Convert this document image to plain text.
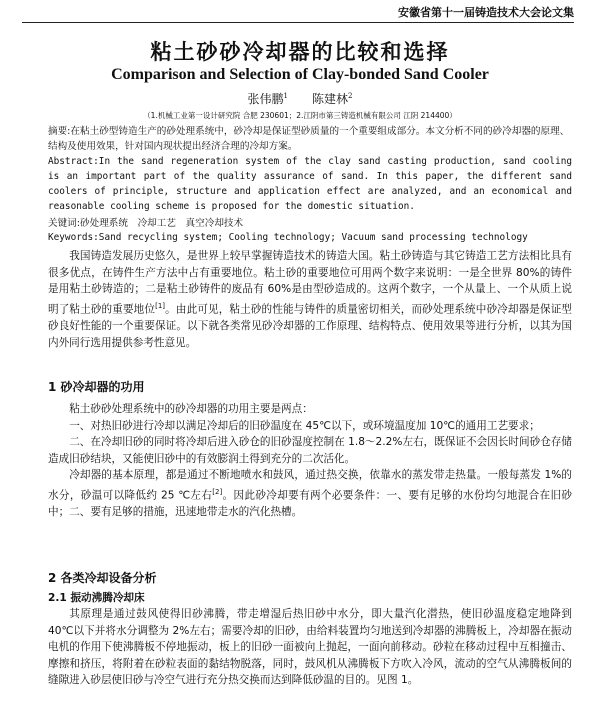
安徽省第十一届铸造技术大会论文集
粘土砂砂冷却器的比较和选择
Comparison and Selection of Clay-bonded Sand Cooler
张伟鹏$^1$ 陈建林$^2$
（1.机械工业第一设计研究院 合肥 230601；2.江阴市第三铸造机械有限公司 江阴 214400）
摘要:在粘土砂型铸造生产的砂处理系统中，砂冷却是保证型砂质量的一个重要组成部分。本文分析不同的砂冷却器的原理、结构及使用效果，针对国内现状提出经济合理的冷却方案。
Abstract:In the sand regeneration system of the clay sand casting production, sand cooling is an important part of the quality assurance of sand. In this paper, the different sand coolers of principle, structure and application effect are analyzed, and an economical and reasonable cooling scheme is proposed for the domestic situation.
关键词:砂处理系统　冷却工艺　真空冷却技术
Keywords:Sand recycling system; Cooling technology; Vacuum sand processing technology

我国铸造发展历史悠久，是世界上较早掌握铸造技术的铸造大国。粘土砂铸造与其它铸造工艺方法相比具有很多优点，在铸件生产方法中占有重要地位。粘土砂的重要地位可用两个数字来说明：一是全世界 80%的铸件是用粘土砂铸造的；二是粘土砂铸件的废品有 60%是由型砂造成的。这两个数字，一个从量上、一个从质上说明了粘土砂的重要地位[1]。由此可见，粘土砂的性能与铸件的质量密切相关，而砂处理系统中砂冷却器是保证型砂良好性能的一个重要保证。以下就各类常见砂冷却器的工作原理、结构特点、使用效果等进行分析，以其为国内外同行选用提供参考性意见。

1 砂冷却器的功用

粘土砂砂处理系统中的砂冷却器的功用主要是两点：

一、对热旧砂进行冷却以满足冷却后的旧砂温度在 45℃以下，或环境温度加 10℃的通用工艺要求；

二、在冷却旧砂的同时将冷却后进入砂仓的旧砂湿度控制在 1.8～2.2%左右，既保证不会因长时间砂仓存储造成旧砂结块，又能使旧砂中的有效膨润土得到充分的二次活化。

冷却器的基本原理，都是通过不断地喷水和鼓风，通过热交换，依靠水的蒸发带走热量。一般每蒸发 1%的水分，砂温可以降低约 25 ℃左右[2]。因此砂冷却要有两个必要条件：一、要有足够的水份均匀地混合在旧砂中；二、要有足够的措施，迅速地带走水的汽化热槽。

2 各类冷却设备分析
2.1 振动沸腾冷却床

其原理是通过鼓风使得旧砂沸腾，带走增湿后热旧砂中水分，即大量汽化潜热，使旧砂温度稳定地降到 40℃以下并将水分调整为 2%左右；需要冷却的旧砂，由给料装置均匀地送到冷却器的沸腾板上，冷却器在振动电机的作用下使沸腾板不停地振动，板上的旧砂一面被向上抛起，一面向前移动。砂粒在移动过程中互相撞击、摩擦和挤压，将附着在砂粒表面的黏结物脱落，同时，鼓风机从沸腾板下方吹入冷风，流动的空气从沸腾板间的缝隙进入砂层使旧砂与冷空气进行充分热交换而达到降低砂温的目的。见图 1。
